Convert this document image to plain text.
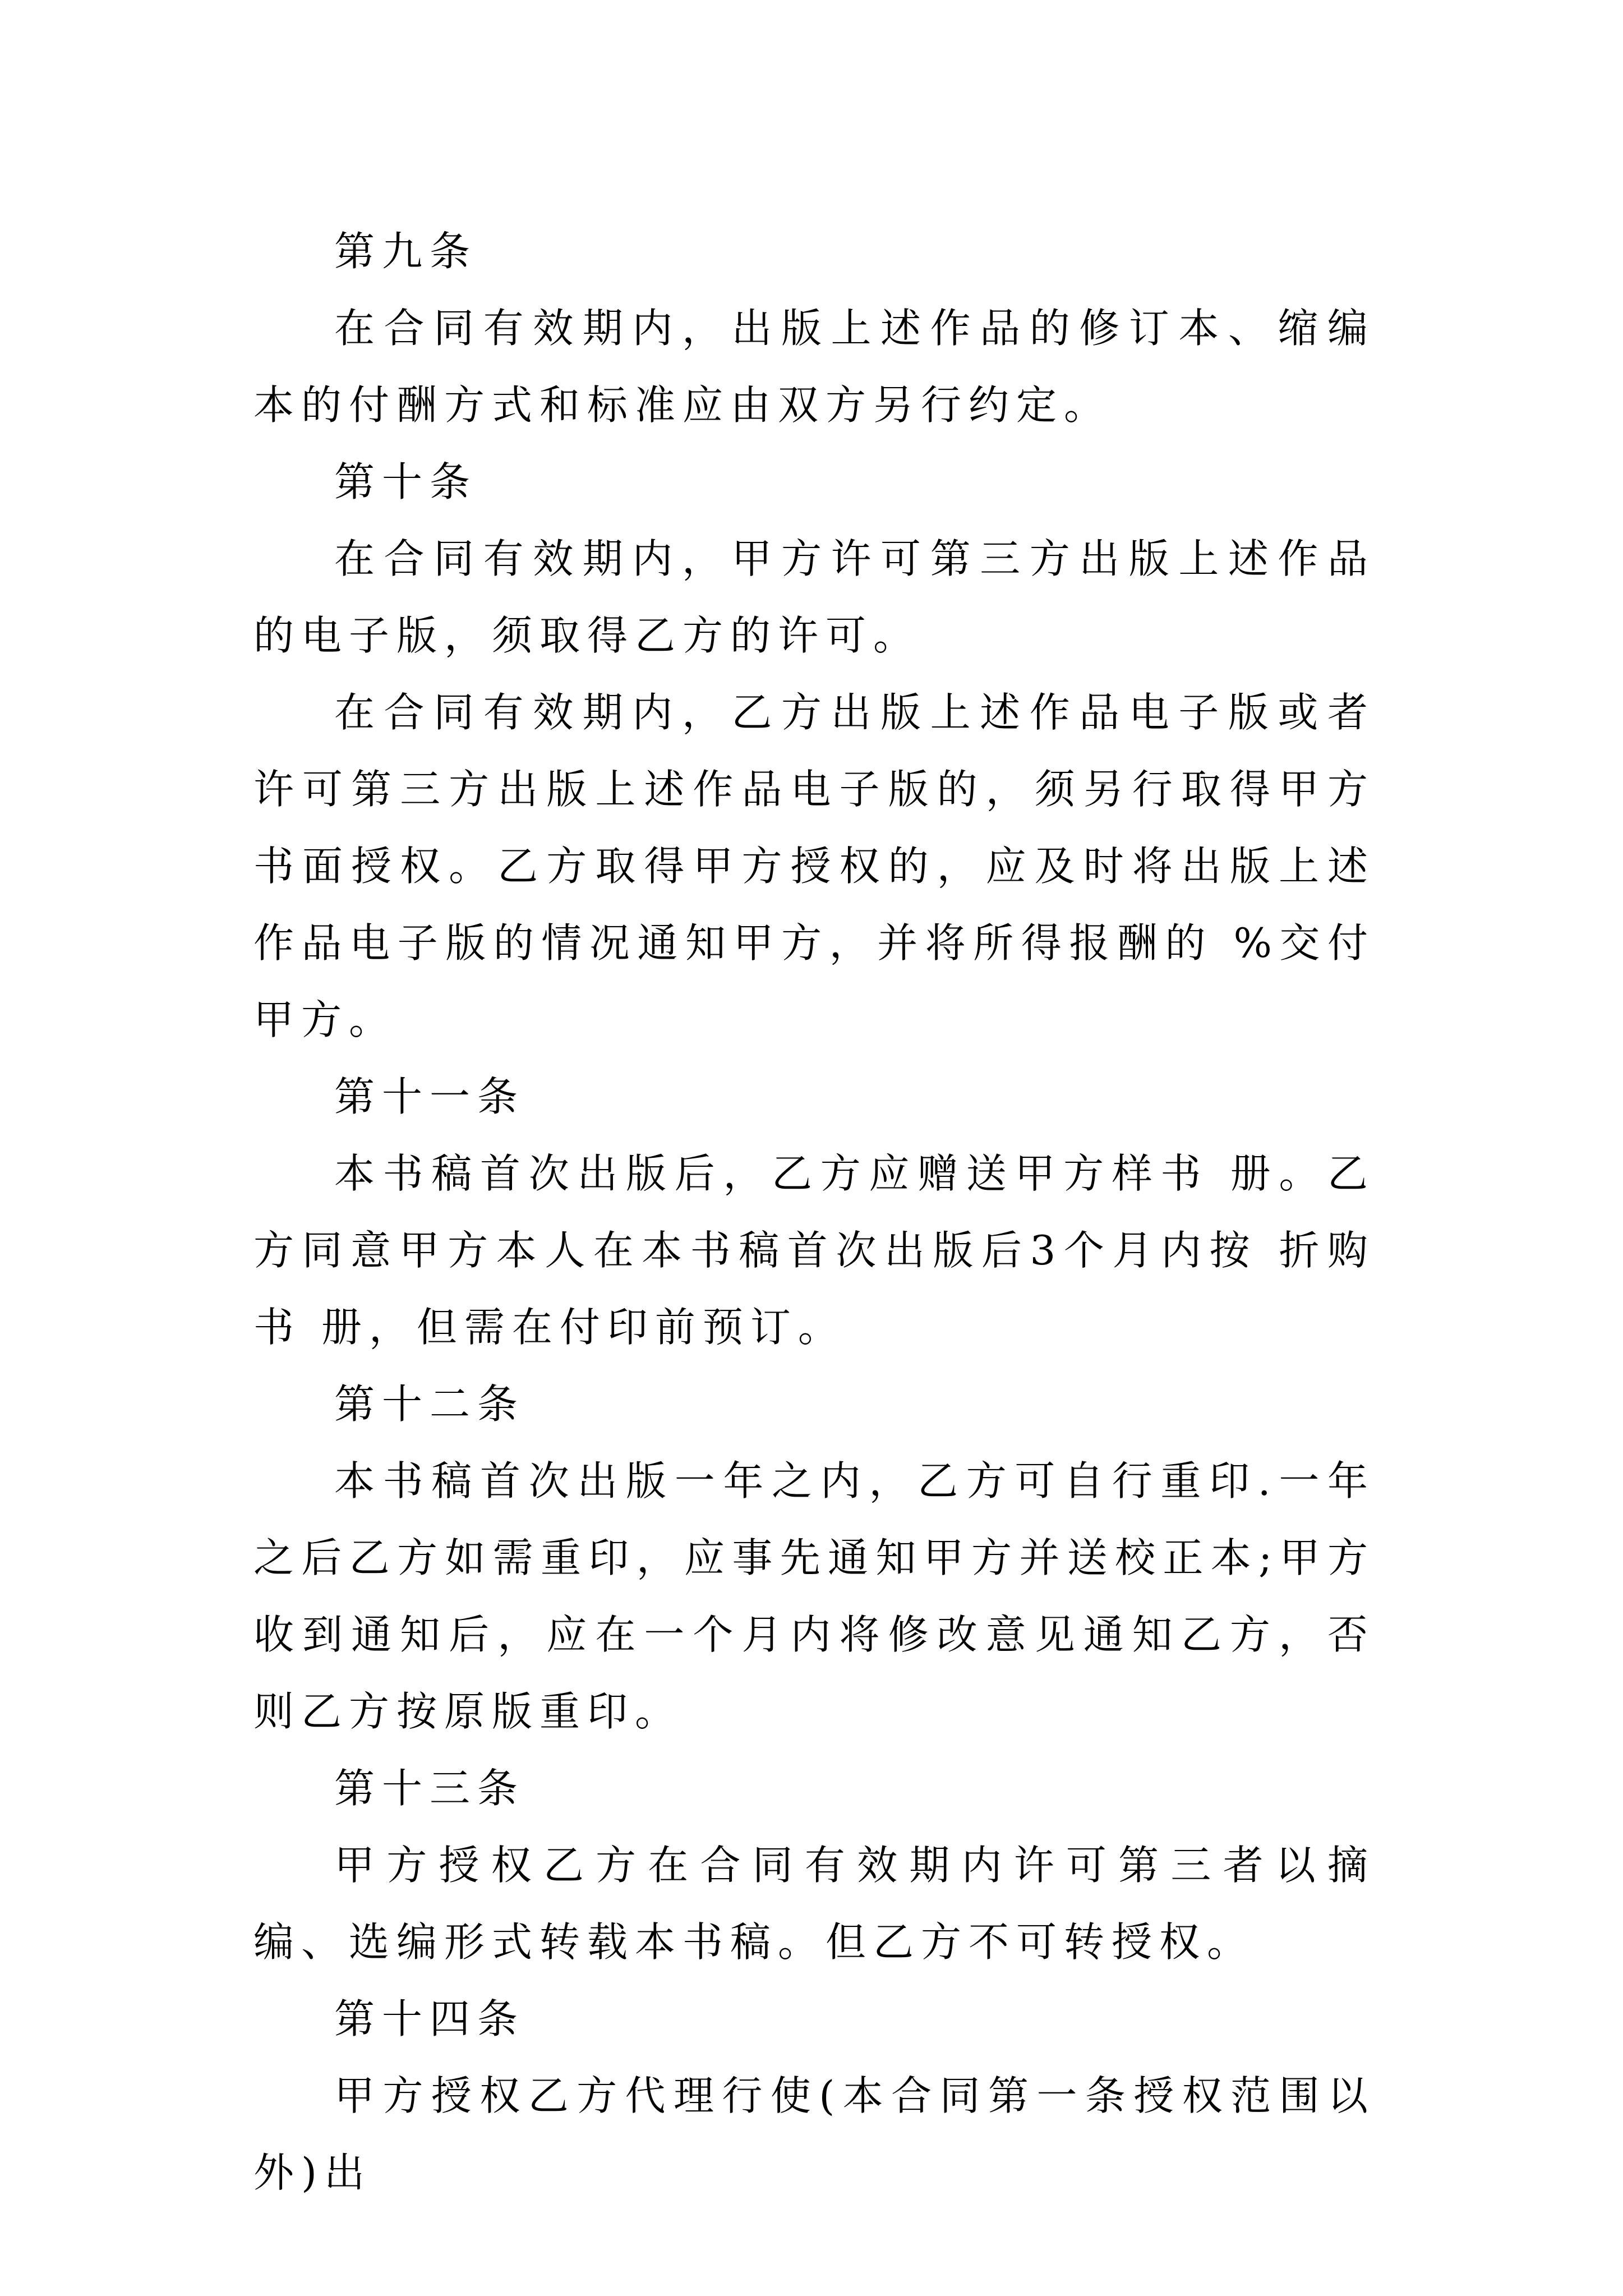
第九条

在合同有效期内，出版上述作品的修订本、缩编本的付酬方式和标准应由双方另行约定。

第十条

在合同有效期内，甲方许可第三方出版上述作品的电子版，须取得乙方的许可。

在合同有效期内，乙方出版上述作品电子版或者许可第三方出版上述作品电子版的，须另行取得甲方书面授权。乙方取得甲方授权的，应及时将出版上述作品电子版的情况通知甲方，并将所得报酬的 %交付甲方。

第十一条

本书稿首次出版后，乙方应赠送甲方样书 册。乙方同意甲方本人在本书稿首次出版后3个月内按 折购书 册，但需在付印前预订。

第十二条

本书稿首次出版一年之内，乙方可自行重印.一年之后乙方如需重印，应事先通知甲方并送校正本;甲方收到通知后，应在一个月内将修改意见通知乙方，否则乙方按原版重印。

第十三条

甲方授权乙方在合同有效期内许可第三者以摘编、选编形式转载本书稿。但乙方不可转授权。

第十四条

甲方授权乙方代理行使(本合同第一条授权范围以外)出
